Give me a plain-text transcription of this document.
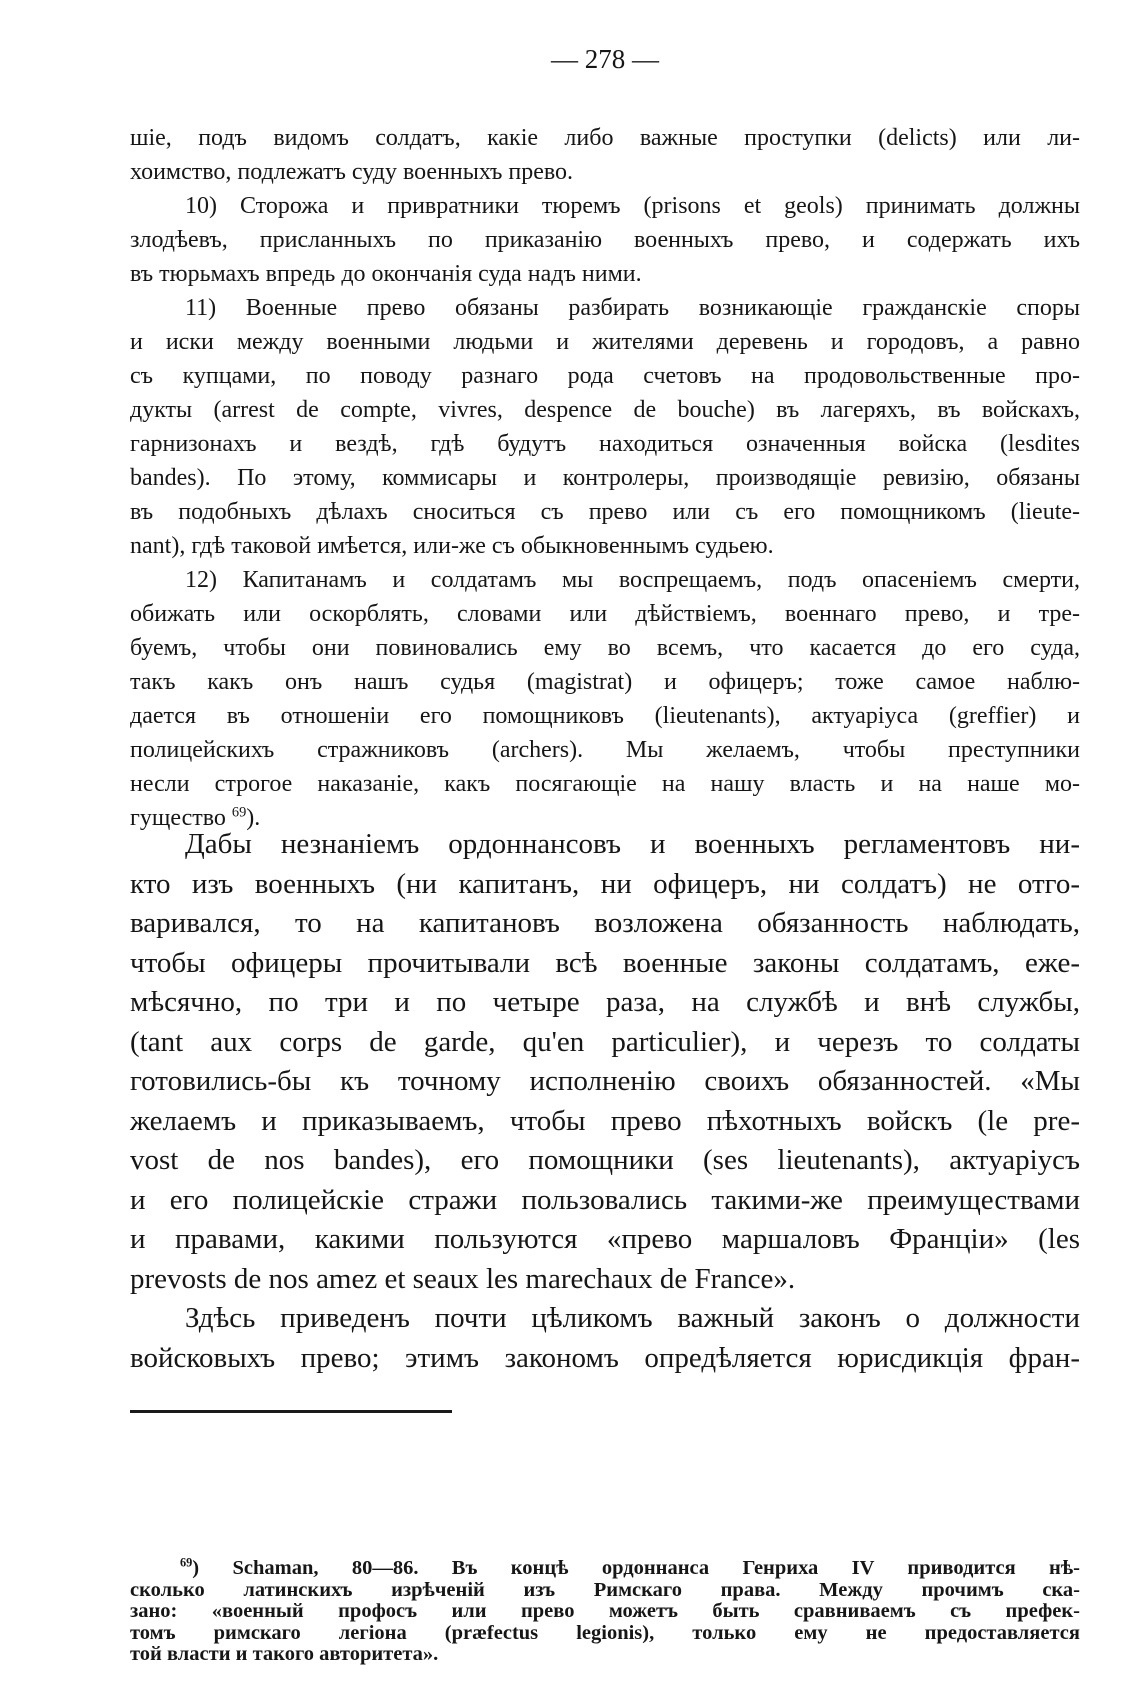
— 278 —
шіе, подъ видомъ солдатъ, какіе либо важные проступки (delicts) или ли-
хоимство, подлежатъ суду военныхъ прево.
10) Сторожа и привратники тюремъ (prisons et geols) принимать должны
злодѣевъ, присланныхъ по приказанію военныхъ прево, и содержать ихъ
въ тюрьмахъ впредь до окончанія суда надъ ними.
11) Военные прево обязаны разбирать возникающіе гражданскіе споры
и иски между военными людьми и жителями деревень и городовъ, а равно
съ купцами, по поводу разнаго рода счетовъ на продовольственные про-
дукты (arrest de compte, vivres, despence de bouche) въ лагеряхъ, въ войскахъ,
гарнизонахъ и вездѣ, гдѣ будутъ находиться означенныя войска (lesdites
bandes). По этому, коммисары и контролеры, производящіе ревизію, обязаны
въ подобныхъ дѣлахъ сноситься съ прево или съ его помощникомъ (lieute-
nant), гдѣ таковой имѣется, или-же съ обыкновеннымъ судьею.
12) Капитанамъ и солдатамъ мы воспрещаемъ, подъ опасеніемъ смерти,
обижать или оскорблять, словами или дѣйствіемъ, военнаго прево, и тре-
буемъ, чтобы они повиновались ему во всемъ, что касается до его суда,
такъ какъ онъ нашъ судья (magistrat) и офицеръ; тоже самое наблю-
дается въ отношеніи его помощниковъ (lieutenants), актуаріуса (greffier) и
полицейскихъ стражниковъ (archers). Мы желаемъ, чтобы преступники
несли строгое наказаніе, какъ посягающіе на нашу власть и на наше мо-
гущество $^{69}$).
Дабы незнаніемъ ордоннансовъ и военныхъ регламентовъ ни-
кто изъ военныхъ (ни капитанъ, ни офицеръ, ни солдатъ) не отго-
варивался, то на капитановъ возложена обязанность наблюдать,
чтобы офицеры прочитывали всѣ военные законы солдатамъ, еже-
мѣсячно, по три и по четыре раза, на службѣ и внѣ службы,
(tant aux corps de garde, qu'en particulier), и черезъ то солдаты
готовились-бы къ точному исполненію своихъ обязанностей. «Мы
желаемъ и приказываемъ, чтобы прево пѣхотныхъ войскъ (le pre-
vost de nos bandes), его помощники (ses lieutenants), актуаріусъ
и его полицейскіе стражи пользовались такими-же преимуществами
и правами, какими пользуются «прево маршаловъ Франціи» (les
prevosts de nos amez et seaux les marechaux de France».
Здѣсь приведенъ почти цѣликомъ важный законъ о должности
войсковыхъ прево; этимъ закономъ опредѣляется юрисдикція фран-
$^{69}$) Schaman, 80—86. Въ концѣ ордоннанса Генриха IV приводится нѣ-
сколько латинскихъ изрѣченій изъ Римскаго права. Между прочимъ ска-
зано: «военный профосъ или прево можетъ быть сравниваемъ съ префек-
томъ римскаго легіона (præfectus legionis), только ему не предоставляется
той власти и такого авторитета».
